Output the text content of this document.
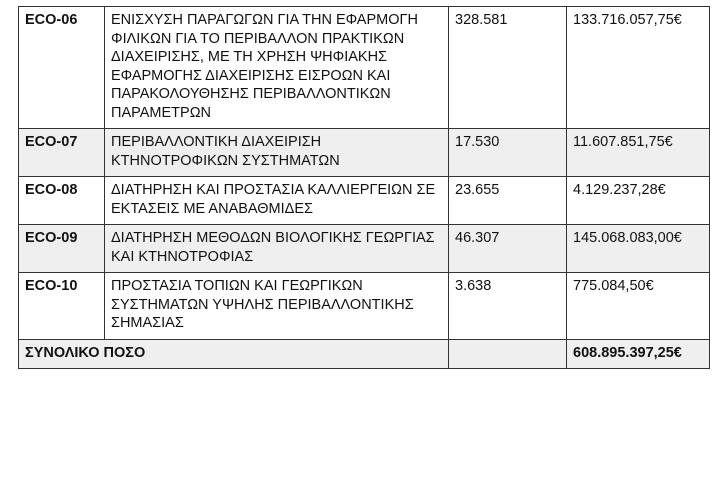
ECO-06	ΕΝΙΣΧΥΣΗ ΠΑΡΑΓΩΓΩΝ ΓΙΑ ΤΗΝ ΕΦΑΡΜΟΓΗ ΦΙΛΙΚΩΝ ΓΙΑ ΤΟ ΠΕΡΙΒΑΛΛΟΝ ΠΡΑΚΤΙΚΩΝ ΔΙΑΧΕΙΡΙΣΗΣ, ΜΕ ΤΗ ΧΡΗΣΗ ΨΗΦΙΑΚΗΣ ΕΦΑΡΜΟΓΗΣ ΔΙΑΧΕΙΡΙΣΗΣ ΕΙΣΡΟΩΝ ΚΑΙ ΠΑΡΑΚΟΛΟΥΘΗΣΗΣ ΠΕΡΙΒΑΛΛΟΝΤΙΚΩΝ ΠΑΡΑΜΕΤΡΩΝ	328.581	133.716.057,75€
ECO-07	ΠΕΡΙΒΑΛΛΟΝΤΙΚΗ ΔΙΑΧΕΙΡΙΣΗ ΚΤΗΝΟΤΡΟΦΙΚΩΝ ΣΥΣΤΗΜΑΤΩΝ	17.530	11.607.851,75€
ECO-08	ΔΙΑΤΗΡΗΣΗ ΚΑΙ ΠΡΟΣΤΑΣΙΑ ΚΑΛΛΙΕΡΓΕΙΩΝ ΣΕ ΕΚΤΑΣΕΙΣ ΜΕ ΑΝΑΒΑΘΜΙΔΕΣ	23.655	4.129.237,28€
ECO-09	ΔΙΑΤΗΡΗΣΗ ΜΕΘΟΔΩΝ ΒΙΟΛΟΓΙΚΗΣ ΓΕΩΡΓΙΑΣ ΚΑΙ ΚΤΗΝΟΤΡΟΦΙΑΣ	46.307	145.068.083,00€
ECO-10	ΠΡΟΣΤΑΣΙΑ ΤΟΠΙΩΝ ΚΑΙ ΓΕΩΡΓΙΚΩΝ ΣΥΣΤΗΜΑΤΩΝ ΥΨΗΛΗΣ ΠΕΡΙΒΑΛΛΟΝΤΙΚΗΣ ΣΗΜΑΣΙΑΣ	3.638	775.084,50€
ΣΥΝΟΛΙΚΟ ΠΟΣΟ			608.895.397,25€
